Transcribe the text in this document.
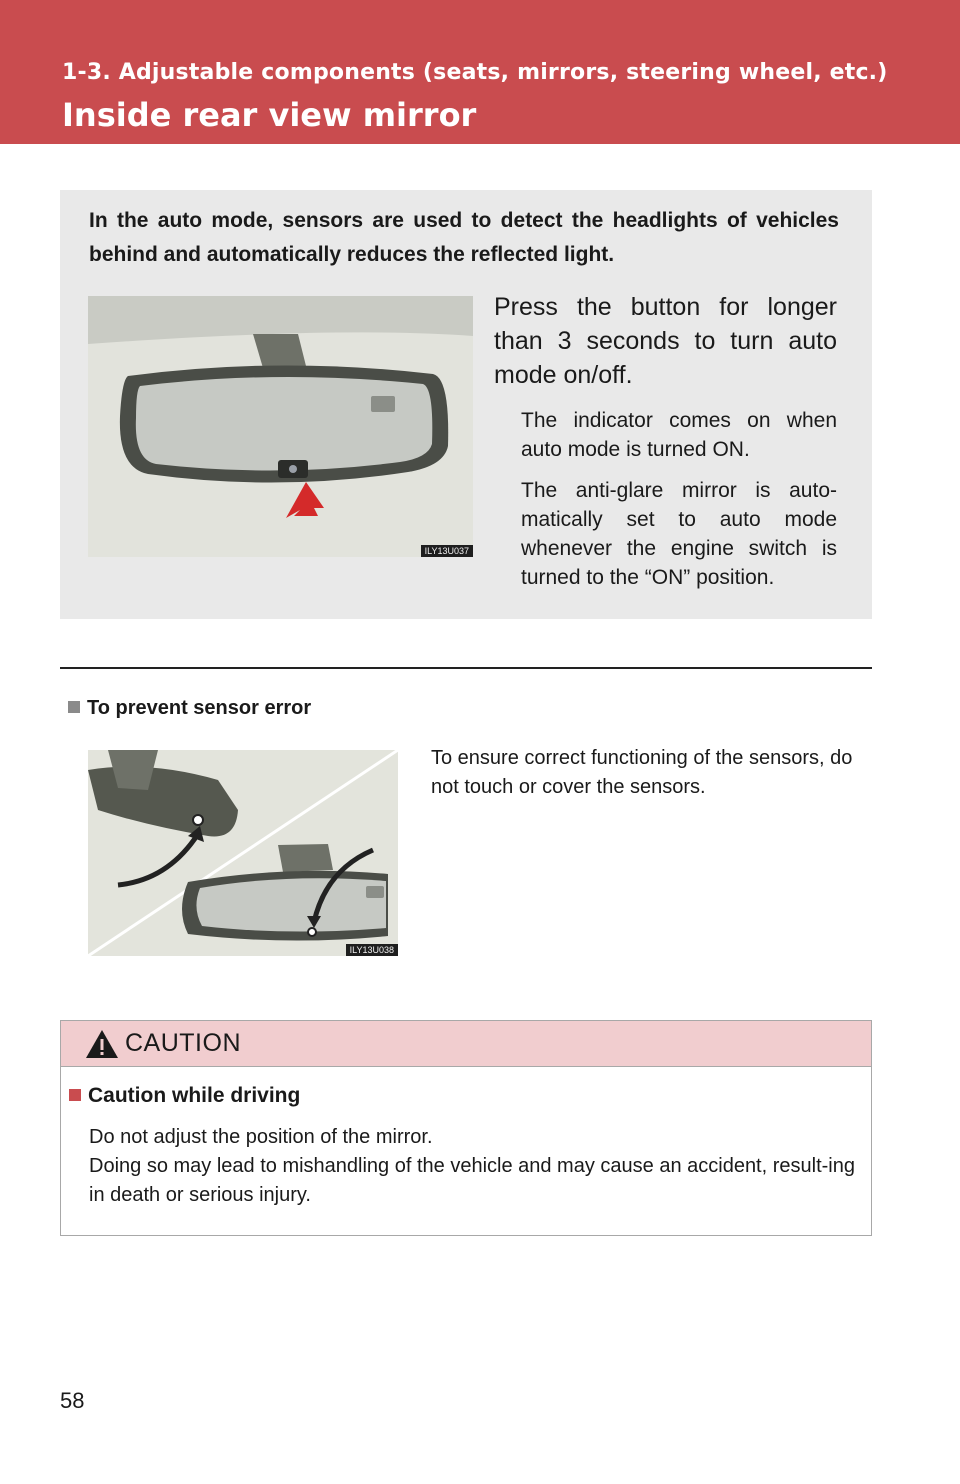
1-3. Adjustable components (seats, mirrors, steering wheel, etc.)
Inside rear view mirror
In the auto mode, sensors are used to detect the headlights of vehicles behind and automatically reduces the reflected light.
ILY13U037
Press the button for longer than 3 seconds to turn auto mode on/off.
The indicator comes on when auto mode is turned ON.
The anti-glare mirror is auto-matically set to auto mode whenever the engine switch is turned to the “ON” position.
To prevent sensor error
ILY13U038
To ensure correct functioning of the sensors, do not touch or cover the sensors.
CAUTION
Caution while driving
Do not adjust the position of the mirror.
Doing so may lead to mishandling of the vehicle and may cause an accident, result-ing in death or serious injury.
58
